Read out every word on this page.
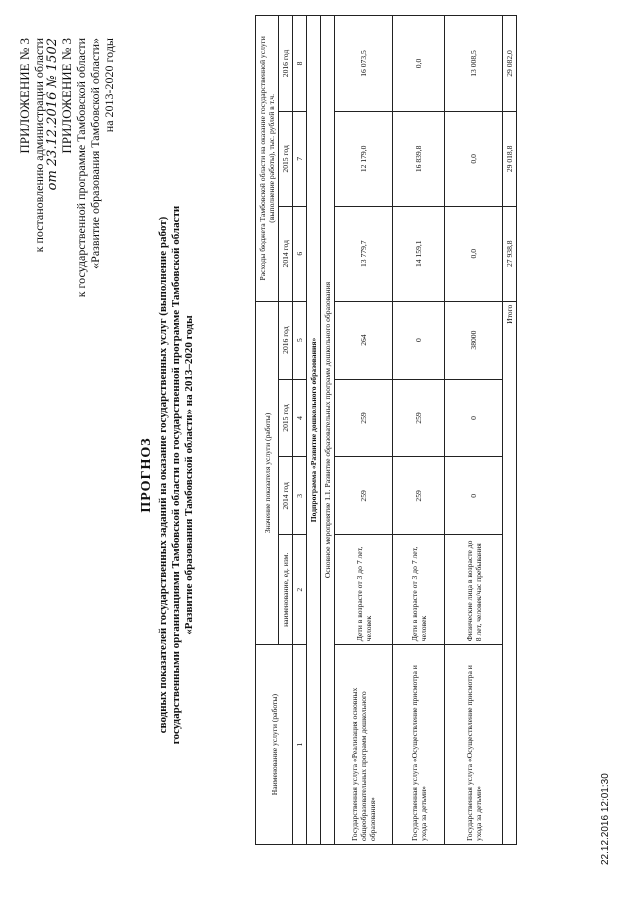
ПРИЛОЖЕНИЕ № 3 к постановлению администрации области от 23.12.2016 № 1502 ПРИЛОЖЕНИЕ № 3 к государственной программе Тамбовской области «Развитие образования Тамбовской области» на 2013-2020 годы
ПРОГНОЗ сводных показателей государственных заданий на оказание государственных услуг (выполнение работ) государственными организациями Тамбовской области по государственной программе Тамбовской области «Развитие образования Тамбовской области» на 2013–2020 годы
Наименование услуги (работы)	Значение показателя услуги (работы)				Расходы бюджета Тамбовской области на оказание государственной услуги (выполнение работы), тыс. рублей в т.ч.		
	наименование, ед. изм.	2014 год	2015 год	2016 год	2014 год	2015 год	2016 год
1	2	3	4	5	6	7	8
Подпрограмма «Развитие дошкольного образования»							
Основное мероприятие 1.1. Развитие образовательных программ дошкольного образования							
Государственная услуга «Реализация основных общеобразовательных программ дошкольного образования»	Дети в возрасте от 3 до 7 лет, человек	259	259	264	13 779,7	12 179,0	16 073,5
Государственная услуга «Осуществление присмотра и ухода за детьми»	Дети в возрасте от 3 до 7 лет, человек	259	259	0	14 159,1	16 839,8	0,0
Государственная услуга «Осуществление присмотра и ухода за детьми»	Физические лица в возрасте до 8 лет, человек/час пребывания	0	0	38000	0,0	0,0	13 008,5
Итого					27 938,8	29 018,8	29 082,0
22.12.2016 12:01:30
